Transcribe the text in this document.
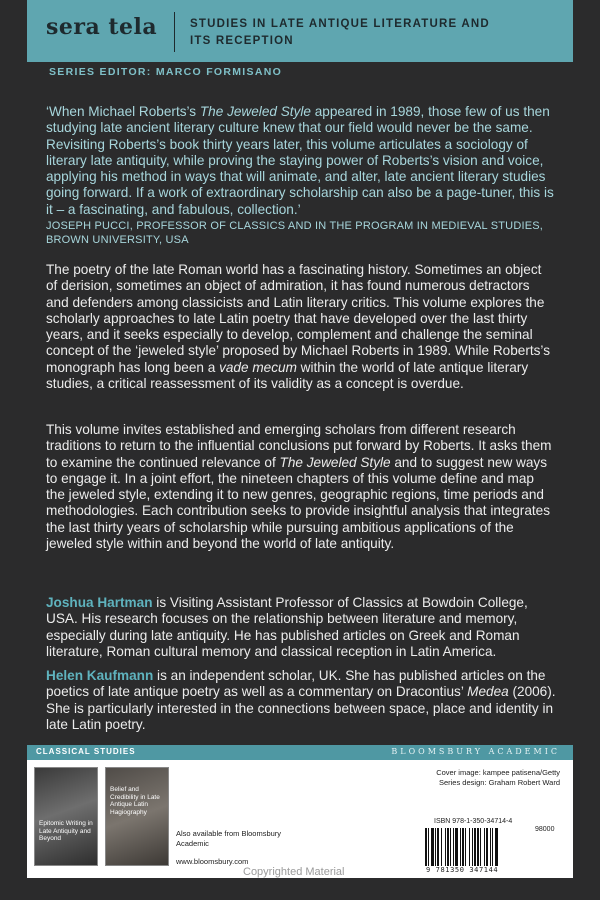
sera tela	STUDIES IN LATE ANTIQUE LITERATURE AND ITS RECEPTION
SERIES EDITOR: MARCO FORMISANO
‘When Michael Roberts’s The Jeweled Style appeared in 1989, those few of us then studying late ancient literary culture knew that our field would never be the same. Revisiting Roberts’s book thirty years later, this volume articulates a sociology of literary late antiquity, while proving the staying power of Roberts’s vision and voice, applying his method in ways that will animate, and alter, late ancient literary studies going forward. If a work of extraordinary scholarship can also be a page-tuner, this is it – a fascinating, and fabulous, collection.’
JOSEPH PUCCI, PROFESSOR OF CLASSICS AND IN THE PROGRAM IN MEDIEVAL STUDIES, BROWN UNIVERSITY, USA
The poetry of the late Roman world has a fascinating history. Sometimes an object of derision, sometimes an object of admiration, it has found numerous detractors and defenders among classicists and Latin literary critics. This volume explores the scholarly approaches to late Latin poetry that have developed over the last thirty years, and it seeks especially to develop, complement and challenge the seminal concept of the ‘jeweled style’ proposed by Michael Roberts in 1989. While Roberts’s monograph has long been a vade mecum within the world of late antique literary studies, a critical reassessment of its validity as a concept is overdue.
This volume invites established and emerging scholars from different research traditions to return to the influential conclusions put forward by Roberts. It asks them to examine the continued relevance of The Jeweled Style and to suggest new ways to engage it. In a joint effort, the nineteen chapters of this volume define and map the jeweled style, extending it to new genres, geographic regions, time periods and methodologies. Each contribution seeks to provide insightful analysis that integrates the last thirty years of scholarship while pursuing ambitious applications of the jeweled style within and beyond the world of late antiquity.
Joshua Hartman is Visiting Assistant Professor of Classics at Bowdoin College, USA. His research focuses on the relationship between literature and memory, especially during late antiquity. He has published articles on Greek and Roman literature, Roman cultural memory and classical reception in Latin America.
Helen Kaufmann is an independent scholar, UK. She has published articles on the poetics of late antique poetry as well as a commentary on Dracontius’ Medea (2006). She is particularly interested in the connections between space, place and identity in late Latin poetry.
CLASSICAL STUDIES	BLOOMSBURY ACADEMIC
Epitomic Writing in Late Antiquity and Beyond
Belief and Credibility in Late Antique Latin Hagiography
Also available from Bloomsbury Academic
www.bloomsbury.com
Cover image: kampee patisena/Getty
Series design: Graham Robert Ward
ISBN 978-1-350-34714-4
98000
9 781350 347144
Copyrighted Material
